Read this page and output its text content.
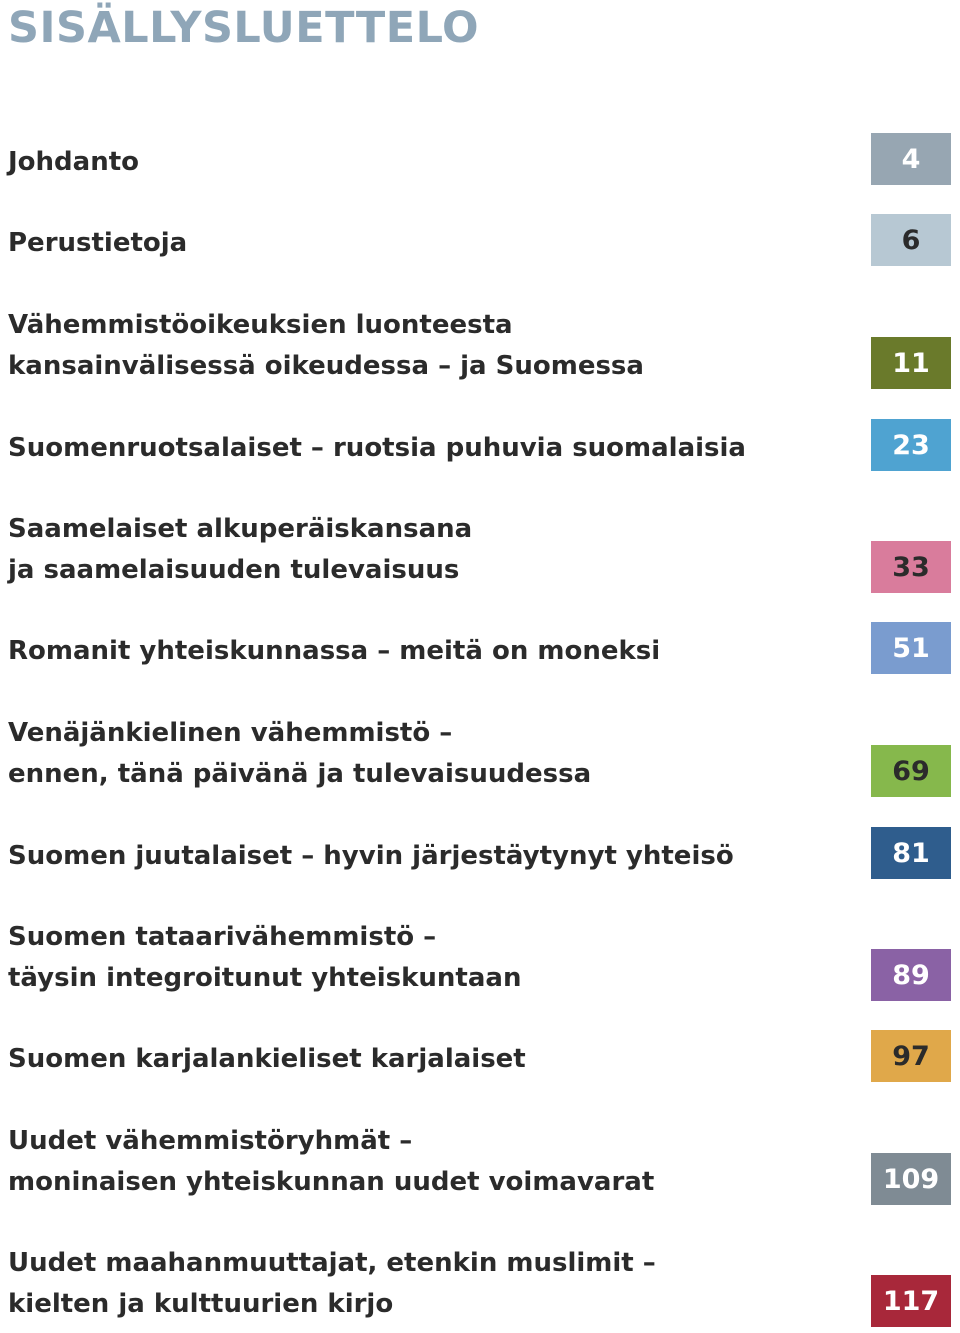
SISÄLLYSLUETTELO
Johdanto	4
Perustietoja	6
Vähemmistöoikeuksien luonteesta
kansainvälisessä oikeudessa – ja Suomessa	11
Suomenruotsalaiset – ruotsia puhuvia suomalaisia	23
Saamelaiset alkuperäiskansana
ja saamelaisuuden tulevaisuus	33
Romanit yhteiskunnassa – meitä on moneksi	51
Venäjänkielinen vähemmistö –
ennen, tänä päivänä ja tulevaisuudessa	69
Suomen juutalaiset – hyvin järjestäytynyt yhteisö	81
Suomen tataarivähemmistö –
täysin integroitunut yhteiskuntaan	89
Suomen karjalankieliset karjalaiset	97
Uudet vähemmistöryhmät –
moninaisen yhteiskunnan uudet voimavarat	109
Uudet maahanmuuttajat, etenkin muslimit –
kielten ja kulttuurien kirjo	117
